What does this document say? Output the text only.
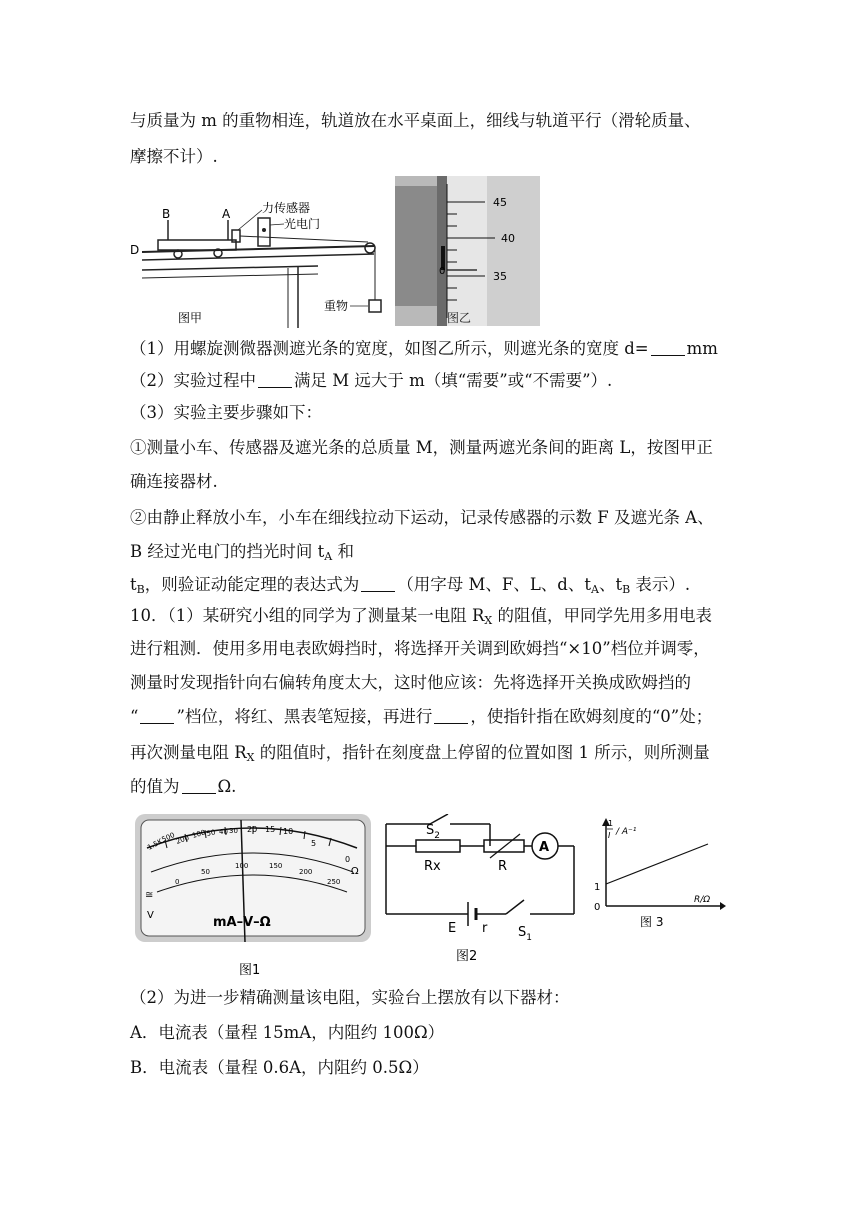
与质量为 m 的重物相连，轨道放在水平桌面上，细线与轨道平行（滑轮质量、
摩擦不计）.
B	A
D
力传感器
光电门
重物
图甲
45
40
35
0
图乙
（1）用螺旋测微器测遮光条的宽度，如图乙所示，则遮光条的宽度 d= mm
（2）实验过程中 满足 M 远大于 m（填“需要”或“不需要”）.
（3）实验主要步骤如下：
①测量小车、传感器及遮光条的总质量 M，测量两遮光条间的距离 L，按图甲正
确连接器材.
②由静止释放小车，小车在细线拉动下运动，记录传感器的示数 F 及遮光条 A、
B 经过光电门的挡光时间 $t_A$ 和
$t_B$，则验证动能定理的表达式为 （用字母 M、F、L、d、$t_A$、$t_B$ 表示）.
10．（1）某研究小组的同学为了测量某一电阻 $R_X$ 的阻值，甲同学先用多用电表
进行粗测．使用多用电表欧姆挡时，将选择开关调到欧姆挡“×10”档位并调零，
测量时发现指针向右偏转角度太大，这时他应该：先将选择开关换成欧姆挡的
“ ”档位，将红、黑表笔短接，再进行 ，使指针指在欧姆刻度的“0”处；
再次测量电阻 $R_X$ 的阻值时，指针在刻度盘上停留的位置如图 1 所示，则所测量
的值为 Ω.
1.5K
500
200 100 50 40 30 20 15 10
5
0
Ω
0
50
100	150
200
250
≅
V	mA–V–Ω
图1
$S_2$
Rx	R
A
E r $S_1$
图2
1
I / A⁻¹
1
0
R/Ω
图 3
（2）为进一步精确测量该电阻，实验台上摆放有以下器材：
A．电流表（量程 15mA，内阻约 100Ω）
B．电流表（量程 0.6A，内阻约 0.5Ω）
